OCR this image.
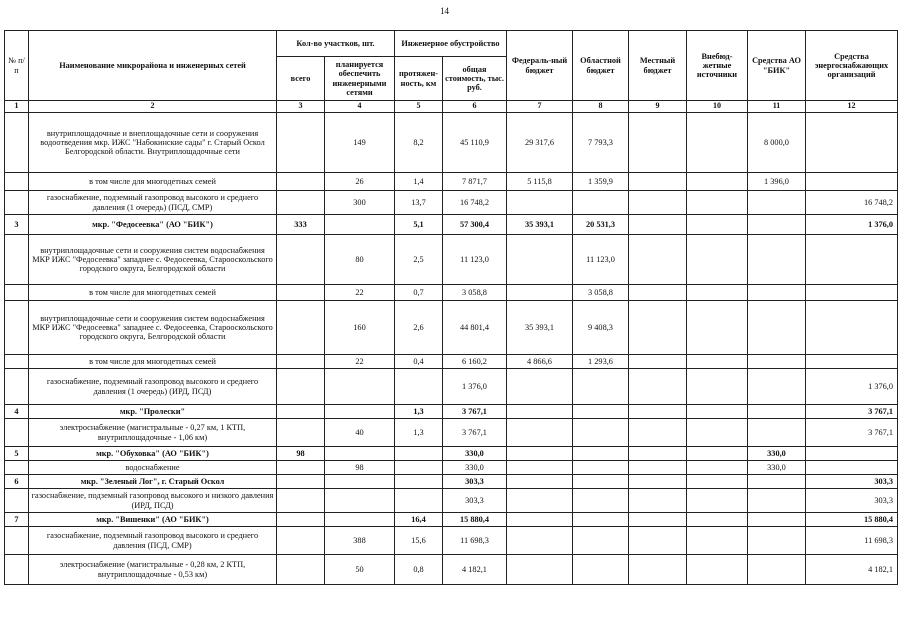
14
№ п/п	Наименование микрорайона и инженерных сетей	Кол-во участков, шт.		Инженерное обустройство		Федераль-ный бюджет	Областной бюджет	Местный бюджет	Внебюд-жетные источники	Средства АО "БИК"	Средства энергоснабжающих организаций
		всего	планируется обеспечить инженерными сетями	протяжен-ность, км	общая стоимость, тыс. руб.						
1	2	3	4	5	6	7	8	9	10	11	12
	внутриплощадочные и внеплощадочные сети и сооружения водоотведения мкр. ИЖС "Набокинские сады" г. Старый Оскол Белгородской области. Внутриплощадочные сети		149	8,2	45 110,9	29 317,6	7 793,3			8 000,0	
	в том числе для многодетных семей		26	1,4	7 871,7	5 115,8	1 359,9			1 396,0	
	газоснабжение, подземный газопровод высокого и среднего давления (1 очередь) (ПСД, СМР)		300	13,7	16 748,2						16 748,2
3	мкр. "Федосеевка" (АО "БИК")	333		5,1	57 300,4	35 393,1	20 531,3				1 376,0
	внутриплощадочные сети и сооружения систем водоснабжения МКР ИЖС "Федосеевка" западнее с. Федосеевка, Старооскольского городского округа, Белгородской области		80	2,5	11 123,0		11 123,0				
	в том числе для многодетных семей		22	0,7	3 058,8		3 058,8				
	внутриплощадочные сети и сооружения систем водоснабжения МКР ИЖС "Федосеевка" западнее с. Федосеевка, Старооскольского городского округа, Белгородской области		160	2,6	44 801,4	35 393,1	9 408,3				
	в том числе для многодетных семей		22	0,4	6 160,2	4 866,6	1 293,6				
	газоснабжение, подземный газопровод высокого и среднего давления (1 очередь) (ИРД, ПСД)				1 376,0						1 376,0
4	мкр. "Пролески"			1,3	3 767,1						3 767,1
	электроснабжение (магистральные - 0,27 км, 1 КТП, внутриплощадочные - 1,06 км)		40	1,3	3 767,1						3 767,1
5	мкр. "Обуховка" (АО "БИК")	98			330,0					330,0	
	водоснабжение		98		330,0					330,0	
6	мкр. "Зеленый Лог", г. Старый Оскол				303,3						303,3
	газоснабжение, подземный газопровод высокого и низкого давления (ИРД, ПСД)				303,3						303,3
7	мкр. "Вишенки" (АО "БИК")			16,4	15 880,4						15 880,4
	газоснабжение, подземный газопровод высокого и среднего давления (ПСД, СМР)		388	15,6	11 698,3						11 698,3
	электроснабжение (магистральные - 0,28 км, 2 КТП, внутриплощадочные - 0,53 км)		50	0,8	4 182,1						4 182,1
